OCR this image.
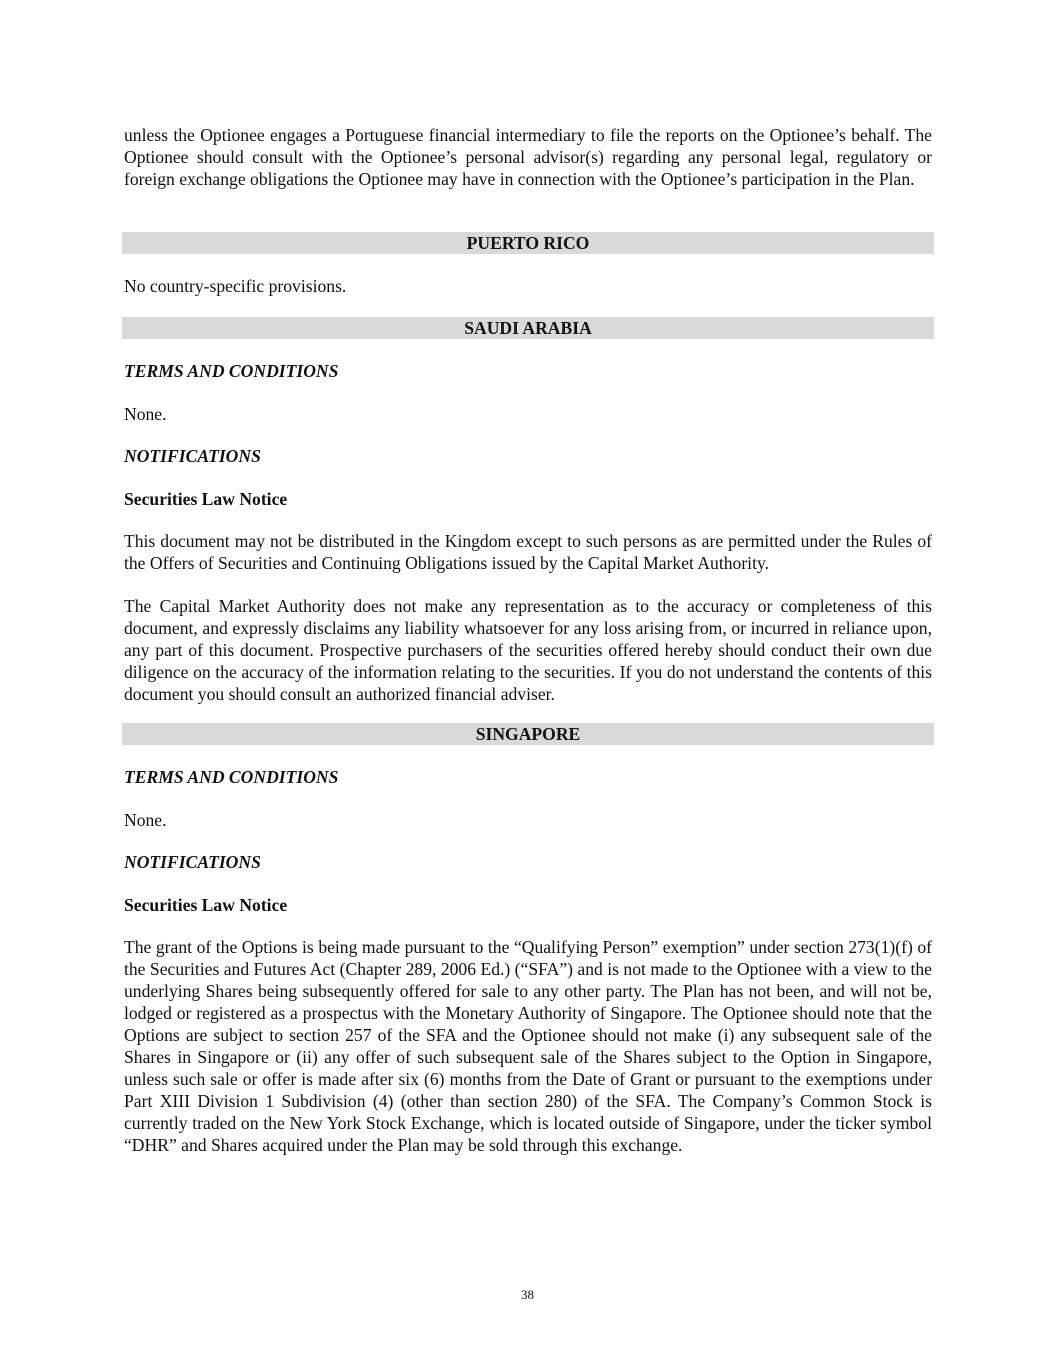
unless the Optionee engages a Portuguese financial intermediary to file the reports on the Optionee’s behalf. The Optionee should consult with the Optionee’s personal advisor(s) regarding any personal legal, regulatory or foreign exchange obligations the Optionee may have in connection with the Optionee’s participation in the Plan.

PUERTO RICO
No country-specific provisions.
SAUDI ARABIA
TERMS AND CONDITIONS
None.
NOTIFICATIONS
Securities Law Notice

This document may not be distributed in the Kingdom except to such persons as are permitted under the Rules of the Offers of Securities and Continuing Obligations issued by the Capital Market Authority.

The Capital Market Authority does not make any representation as to the accuracy or completeness of this document, and expressly disclaims any liability whatsoever for any loss arising from, or incurred in reliance upon, any part of this document. Prospective purchasers of the securities offered hereby should conduct their own due diligence on the accuracy of the information relating to the securities. If you do not understand the contents of this document you should consult an authorized financial adviser.

SINGAPORE
TERMS AND CONDITIONS
None.
NOTIFICATIONS
Securities Law Notice

The grant of the Options is being made pursuant to the “Qualifying Person” exemption” under section 273(1)(f) of the Securities and Futures Act (Chapter 289, 2006 Ed.) (“SFA”) and is not made to the Optionee with a view to the underlying Shares being subsequently offered for sale to any other party. The Plan has not been, and will not be, lodged or registered as a prospectus with the Monetary Authority of Singapore. The Optionee should note that the Options are subject to section 257 of the SFA and the Optionee should not make (i) any subsequent sale of the Shares in Singapore or (ii) any offer of such subsequent sale of the Shares subject to the Option in Singapore, unless such sale or offer is made after six (6) months from the Date of Grant or pursuant to the exemptions under Part XIII Division 1 Subdivision (4) (other than section 280) of the SFA. The Company’s Common Stock is currently traded on the New York Stock Exchange, which is located outside of Singapore, under the ticker symbol “DHR” and Shares acquired under the Plan may be sold through this exchange.

38
